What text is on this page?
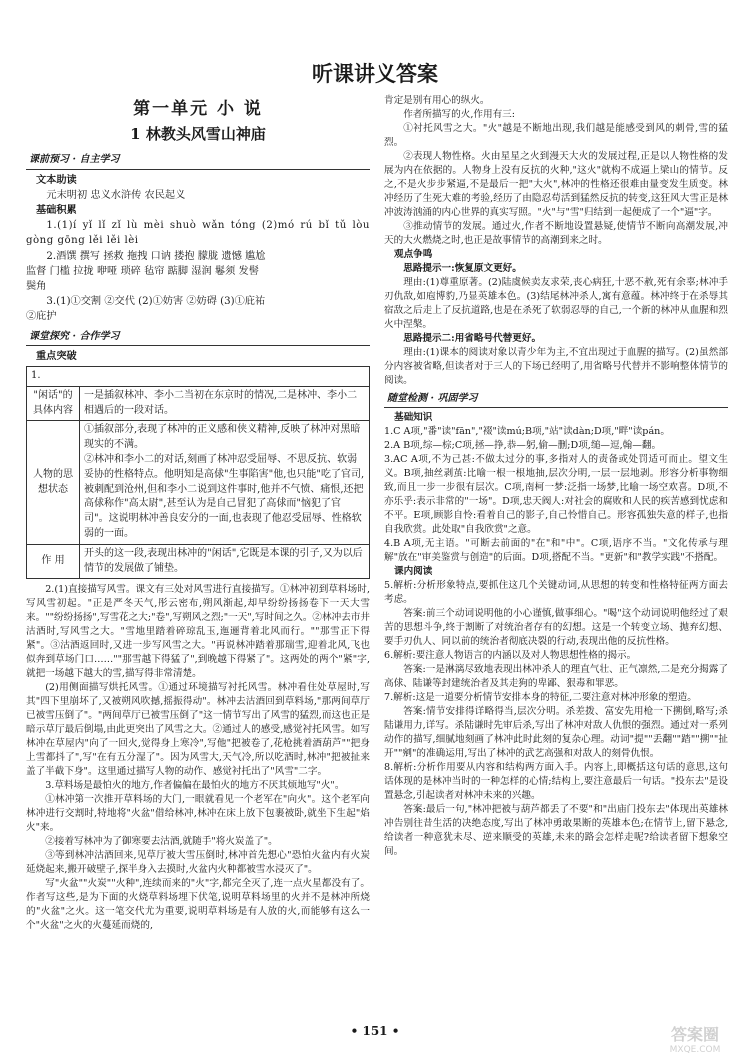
听课讲义答案
第一单元 小 说
1 林教头风雪山神庙
课前预习 · 自主学习
文本助读

元末明初 忠义水浒传 农民起义

基础积累

1.(1)í yǐ lǐ zǐ lù mèi shuò wǎn tóng (2)mó rú bǐ tǔ lòu gòng gōng lěi lěi lèi

2.酒馔 撰写 拯救 拖拽 口讷 搂抱 朦胧 遗憾 尴尬

监督 门槛 拉拢 咿哑 琐碎 毡帘 踮脚 湿润 鬈须 发髻

鬓角

3.(1)①交割 ②交代 (2)①妨害 ②妨碍 (3)①庇祐

②庇护

课堂探究 · 合作学习
重点突破
1.	
"闲话"的具体内容	一是插叙林冲、李小二当初在东京时的情况,二是林冲、李小二相遇后的一段对话。
人物的思想状态	①插叙部分,表现了林冲的正义感和侠义精神,反映了林冲对黑暗现实的不满。
②林冲和李小二的对话,刻画了林冲忍受屈辱、不思反抗、软弱妥协的性格特点。他明知是高俅"生事陷害"他,也只能"吃了官司,被刺配到沧州,但和李小二说到这件事时,他并不气愤、痛恨,还把高俅称作"高太尉",甚至认为是自己冒犯了高俅而"恼犯了官司"。这说明林冲善良安分的一面,也表现了他忍受屈辱、性格软弱的一面。

作 用	开头的这一段,表现出林冲的"闲话",它既是本课的引子,又为以后情节的发展做了铺垫。

2.(1)直接描写风雪。课文有三处对风雪进行直接描写。①林冲初到草料场时,写风雪初起。"正是严冬天气,彤云密布,朔风渐起,却早纷纷扬扬卷下一天大雪来。""纷纷扬扬",写雪花之大;"卷",写朔风之烈;"一天",写时间之久。②林冲去市井沽酒时,写风雪之大。"雪地里踏着碎琼乱玉,迤逦背着北风而行。""那雪正下得紧"。③沽酒返回时,又进一步写风雪之大。"再说林冲踏着那瑞雪,迎着北风,飞也似奔到草场门口……""那雪越下得猛了",到晚越下得紧了"。这两处的两个"紧"字,就把一场越下越大的雪,描写得非常清楚。

(2)用侧面描写烘托风雪。①通过环境描写衬托风雪。林冲看住处草屋时,写其"四下里崩坏了,又被朔风吹撼,摇振得动"。林冲去沽酒回到草料场,"那两间草厅已被雪压倒了"。"两间草厅已被雪压倒了"这一情节写出了风雪的猛烈,而这也正是暗示草厅最后倒塌,由此更突出了风雪之大。②通过人的感受,感觉衬托风雪。如写林冲在草屋内"向了一回火,觉得身上寒冷",写他"把被卷了,花枪挑着酒葫芦""把身上雪都抖了",写"在有五分湿了"。因为风雪大,天气冷,所以吃酒时,林冲"把被扯来盖了半截下身"。这里通过描写人物的动作、感觉衬托出了"风雪"二字。

3.草料场是最怕火的地方,作者偏偏在最怕火的地方不厌其烦地写"火"。

①林冲第一次推开草料场的大门,一眼就看见一个老军在"向火"。这个老军向林冲进行交割时,特地将"火盆"借给林冲,林冲在床上放下包裹被卧,就坐下生起"焰火"来。

②接着写林冲为了御寒要去沽酒,就随手"将火炭盖了"。

③等到林冲沽酒回来,见草厅被大雪压倒时,林冲首先想心"恐怕火盆内有火炭延烧起来,搬开破壁子,探半身入去摸时,火盆内火种都被雪水浸灭了"。

写"火盆""火炭""火种",连续而来的"火"字,都完全灭了,连一点火星都没有了。作者写这些,是为下面的火烧草料场埋下伏笔,说明草料场里的火并不是林冲所烧的"火盆"之火。这一笔交代尤为重要,说明草料场是有人放的火,而能够有这么一个"火盆"之火的火蔓延而烧的,

肯定是别有用心的纵火。

作者所描写的火,作用有三:

①衬托风雪之大。"火"越是不断地出现,我们越是能感受到风的刺骨,雪的猛烈。

②表现人物性格。火由星星之火到漫天大火的发展过程,正是以人物性格的发展为内在依据的。人物身上没有反抗的火种,"这火"就构不成逼上梁山的情节。反之,不是火步步紧逼,不是最后一把"大火",林冲的性格还很难由量变发生质变。林冲经历了生死大难的考验,经历了由隐忍苟活到猛然反抗的转变,这狂风大雪正是林冲波涛汹涌的内心世界的真实写照。"火"与"雪"归结到一起便成了一个"逼"字。

③推动情节的发展。通过火,作者不断地设置悬疑,使情节不断向高潮发展,冲天的大火燃烧之时,也正是故事情节的高潮到来之时。

观点争鸣

思路提示一:恢复原文更好。

理由:(1)尊重原著。(2)陆虞候卖友求荣,丧心病狂,十恶不赦,死有余辜;林冲手刃仇敌,如庖博豹,乃显英雄本色。(3)结尾林冲杀人,寓有意蕴。林冲终于在杀辱其宿敌之后走上了反抗道路,也是在杀死了软弱忍辱的自己,一个新的林冲从血腥和烈火中涅槃。

思路提示二:用省略号代替更好。

理由:(1)课本的阅读对象以青少年为主,不宜出现过于血腥的描写。(2)虽然部分内容被省略,但读者对于三人的下场已经明了,用省略号代替并不影响整体情节的阅读。

随堂检测 · 巩固学习
基础知识

1.C A项,"番"读"fān","裰"读mú;B项,"站"读dàn;D项,"畔"读pán。

2.A B项,综—棕;C项,拯—挣,恭—躬,偷—删;D项,缒—逗,翰—翻。

3.AC A项,不为己甚:不做太过分的事,多指对人的责备或处罚适可而止。望文生义。B项,抽丝剥茧:比喻一根一根地抽,层次分明,一层一层地剥。形容分析事物细致,而且一步一步很有层次。C项,南柯一梦:泛指一场梦,比喻一场空欢喜。D项,不亦乐乎:表示非常的"一场"。D项,忠天阀人:对社会的腐败和人民的疾苦感到忧虑和不平。E项,顾影自怜:看着自己的影子,自己怜惜自己。形容孤独失意的样子,也指自我欣赏。此处取"自我欣赏"之意。

4.B A项,无主语。"可断去前面的"在"和"中"。C项,语序不当。"文化传承与理解"放在"审美鉴赏与创造"的后面。D项,搭配不当。"更新"和"教学实践"不搭配。

课内阅读

5.解析:分析形象特点,要抓住这几个关键动词,从思想的转变和性格特征两方面去考虑。

答案:前三个动词说明他的小心谨慎,做事细心。"喝"这个动词说明他经过了艰苦的思想斗争,终于割断了对统治者存有的幻想。这是一个转变立场、抛弃幻想、要手刃仇人、同以前的统治者彻底决裂的行动,表现出他的反抗性格。

6.解析:要注意人物语言的内涵以及对人物思想性格的揭示。

答案:一是淋漓尽致地表现出林冲杀人的理直气壮、正气凛然,二是充分揭露了高俅、陆谦等封建统治者及其走狗的卑鄙、狠毒和罪恶。

7.解析:这是一道要分析情节安排本身的特征,二要注意对林冲形象的塑造。

答案:情节安排得详略得当,层次分明。杀差拨、富安先用枪一下搠倒,略写;杀陆谦用力,详写。杀陆谦时先审后杀,写出了林冲对敌人仇恨的强烈。通过对一系列动作的描写,细腻地刻画了林冲此时此刻的复杂心理。动词"提""丢翻""踏""搠""扯开""剜"的准确运用,写出了林冲的武艺高强和对敌人的刻骨仇恨。

8.解析:分析作用要从内容和结构两方面入手。内容上,即概括这句话的意思,这句话体现的是林冲当时的一种怎样的心情;结构上,要注意最后一句话。"投东去"是设置悬念,引起读者对林冲未来的兴趣。

答案:最后一句,"林冲把被与葫芦都丢了不要"和"出庙门投东去"体现出英雄林冲告别往昔生活的决绝态度,写出了林冲勇敢果断的英雄本色;在情节上,留下悬念,给读者一种意犹未尽、逆来顺受的英雄,未来的路会怎样走呢?给读者留下想象空间。

• 151 •	答案圈
MXQE.COM
